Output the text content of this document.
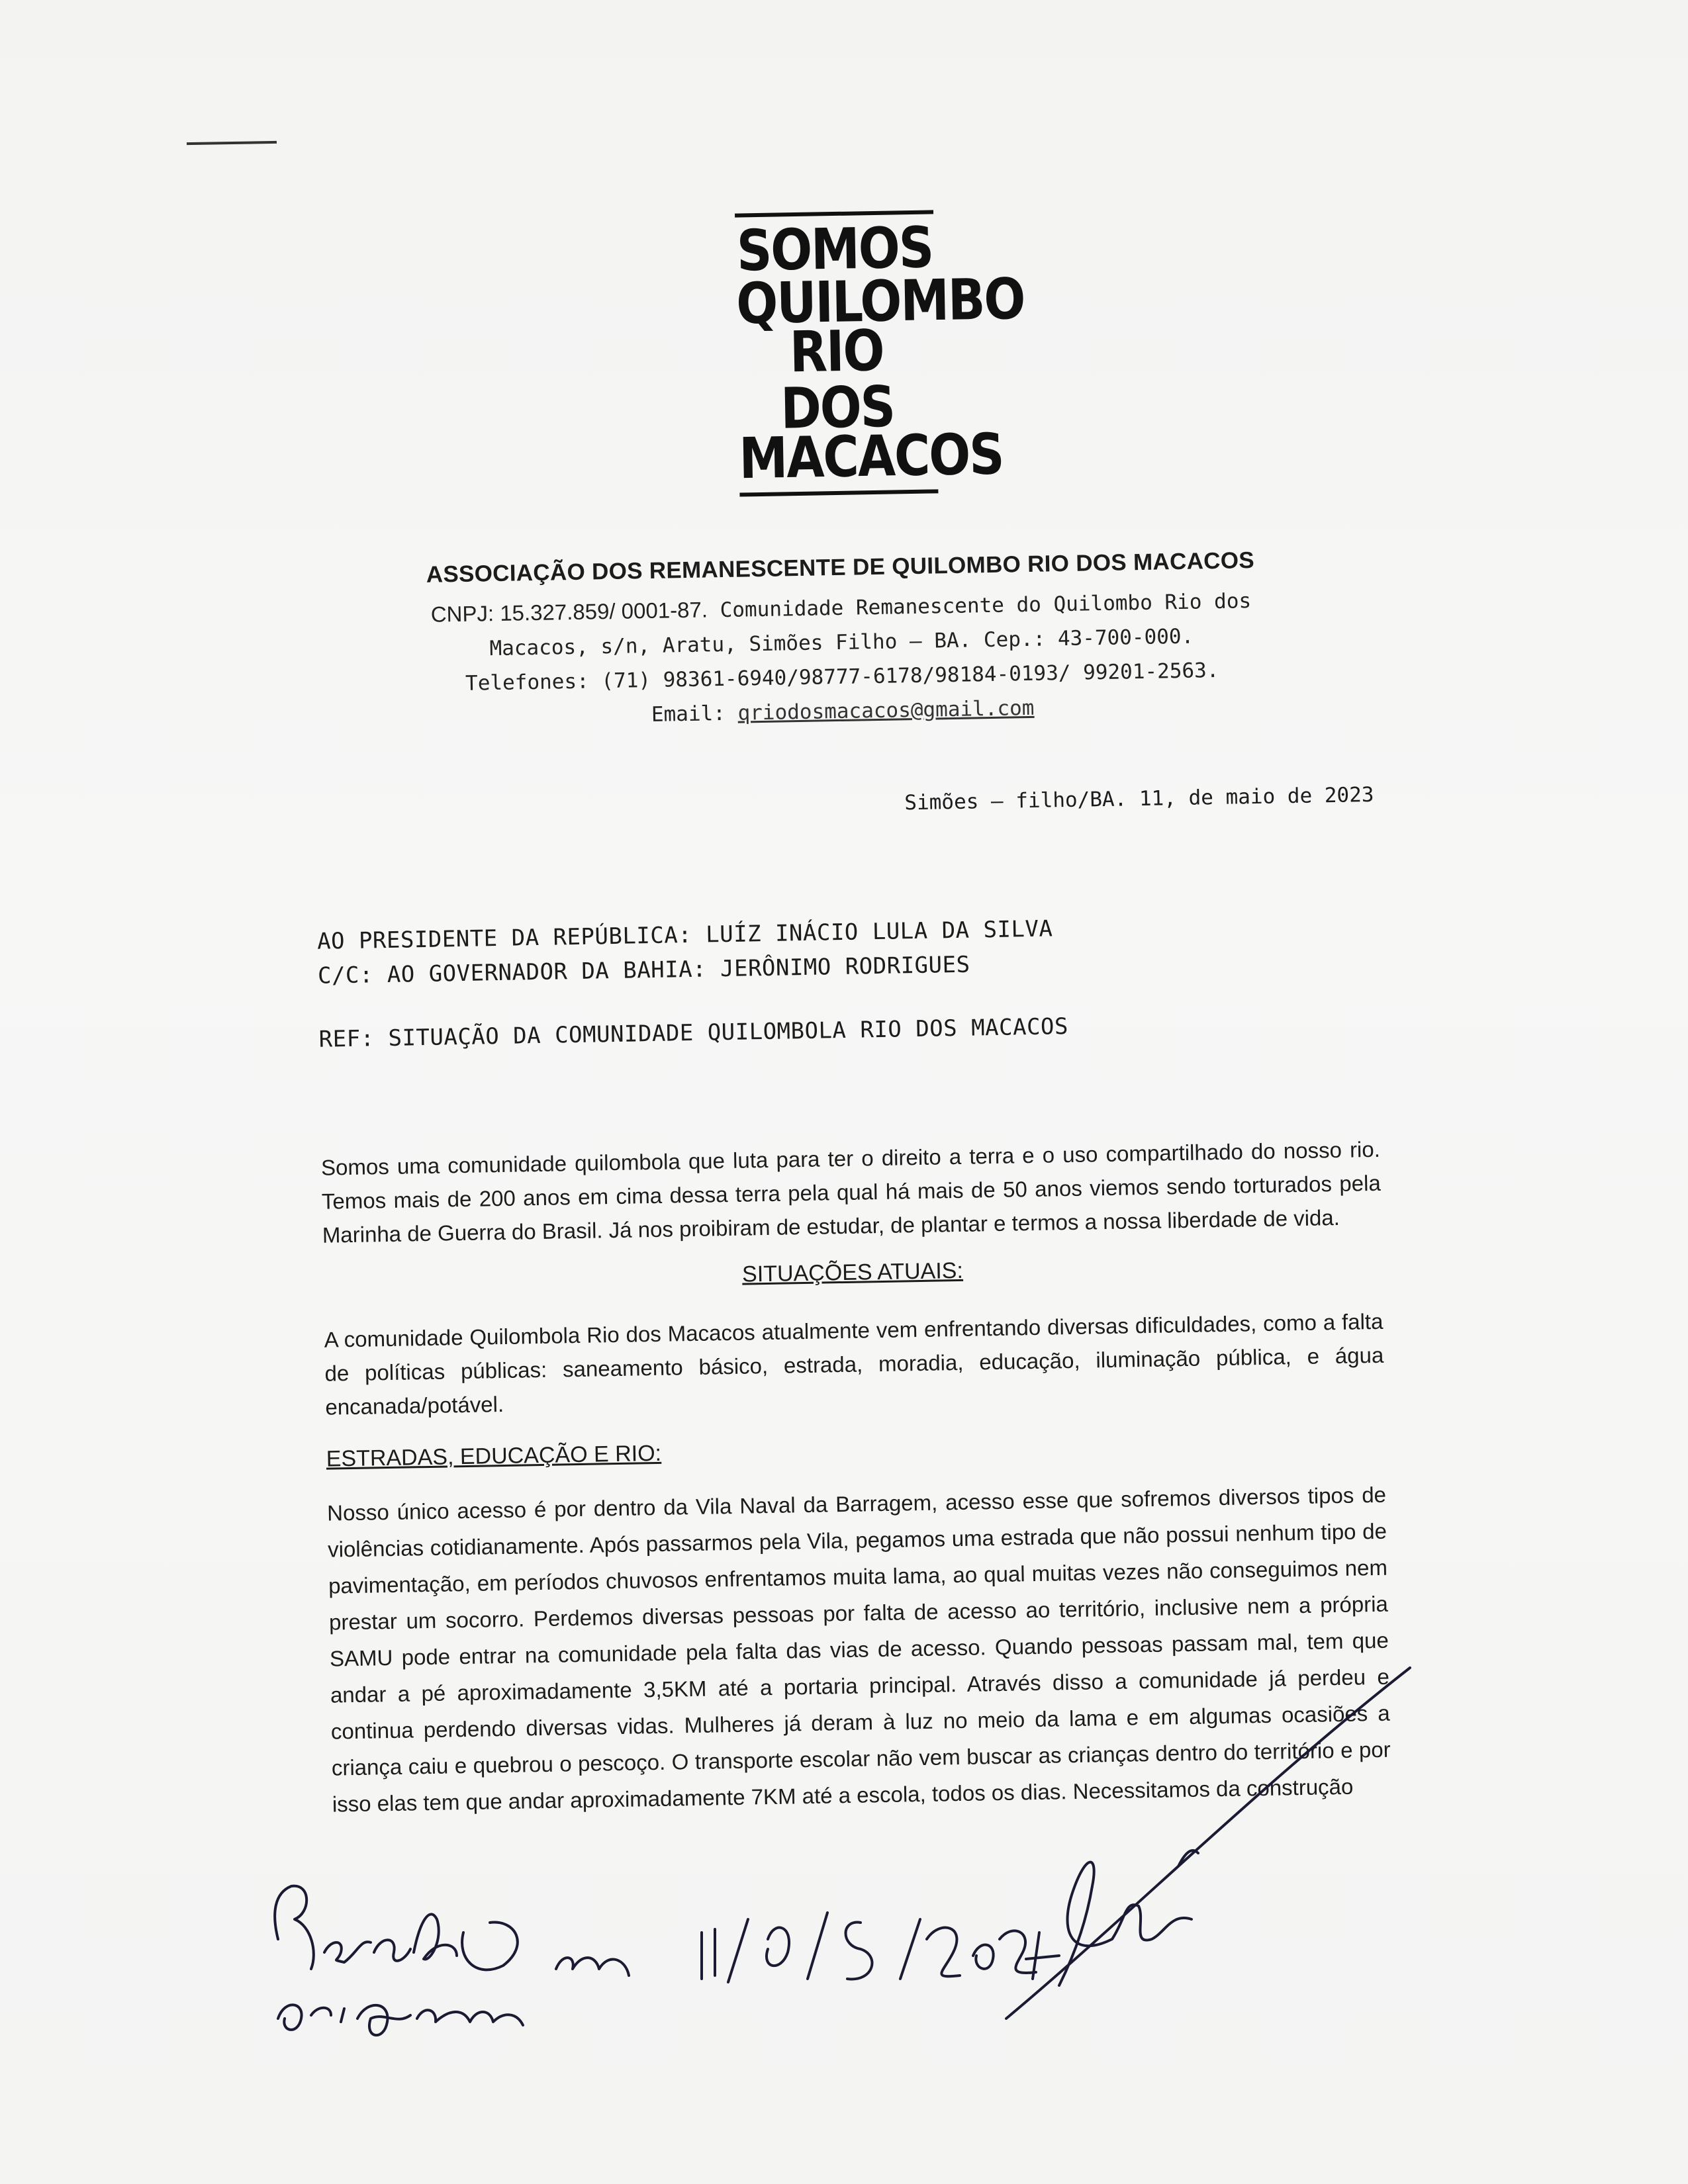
SOMOS
QUILOMBO
RIO DOS
MACACOS
ASSOCIAÇÃO DOS REMANESCENTE DE QUILOMBO RIO DOS MACACOS
CNPJ: 15.327.859/ 0001-87. Comunidade Remanescente do Quilombo Rio dos
Macacos, s/n, Aratu, Simões Filho – BA. Cep.: 43-700-000.
Telefones: (71) 98361-6940/98777-6178/98184-0193/ 99201-2563.
Email: qriodosmacacos@gmail.com
Simões – filho/BA. 11, de maio de 2023
AO PRESIDENTE DA REPÚBLICA: LUÍZ INÁCIO LULA DA SILVA
C/C: AO GOVERNADOR DA BAHIA: JERÔNIMO RODRIGUES
REF: SITUAÇÃO DA COMUNIDADE QUILOMBOLA RIO DOS MACACOS
Somos uma comunidade quilombola que luta para ter o direito a terra e o uso compartilhado do nosso rio. Temos mais de 200 anos em cima dessa terra pela qual há mais de 50 anos viemos sendo torturados pela Marinha de Guerra do Brasil. Já nos proibiram de estudar, de plantar e termos a nossa liberdade de vida.
SITUAÇÕES ATUAIS:
A comunidade Quilombola Rio dos Macacos atualmente vem enfrentando diversas dificuldades, como a falta de políticas públicas: saneamento básico, estrada, moradia, educação, iluminação pública, e água encanada/potável.
ESTRADAS, EDUCAÇÃO E RIO:
Nosso único acesso é por dentro da Vila Naval da Barragem, acesso esse que sofremos diversos tipos de violências cotidianamente. Após passarmos pela Vila, pegamos uma estrada que não possui nenhum tipo de pavimentação, em períodos chuvosos enfrentamos muita lama, ao qual muitas vezes não conseguimos nem prestar um socorro. Perdemos diversas pessoas por falta de acesso ao território, inclusive nem a própria SAMU pode entrar na comunidade pela falta das vias de acesso. Quando pessoas passam mal, tem que andar a pé aproximadamente 3,5KM até a portaria principal. Através disso a comunidade já perdeu e continua perdendo diversas vidas. Mulheres já deram à luz no meio da lama e em algumas ocasiões a criança caiu e quebrou o pescoço. O transporte escolar não vem buscar as crianças dentro do território e por isso elas tem que andar aproximadamente 7KM até a escola, todos os dias. Necessitamos da construção
